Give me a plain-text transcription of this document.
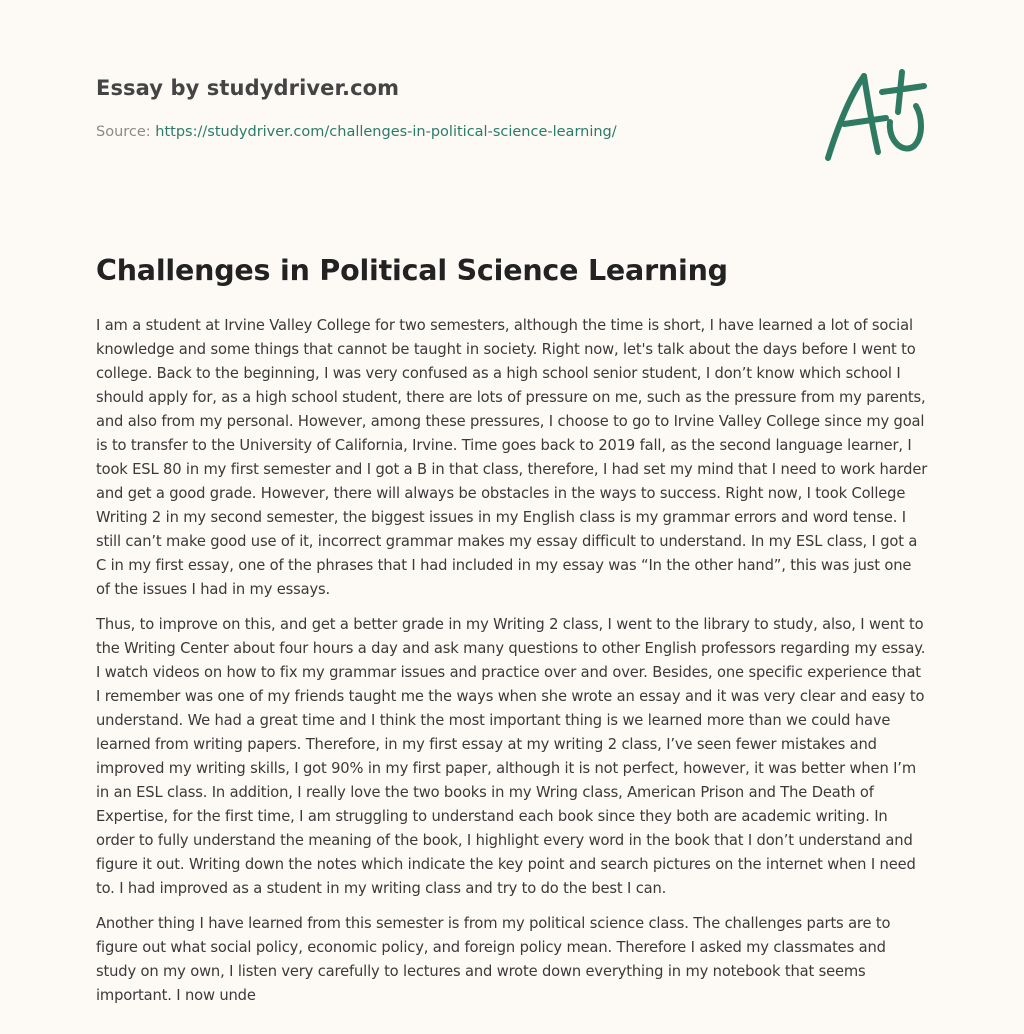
Essay by studydriver.com
Source: https://studydriver.com/challenges-in-political-science-learning/
Challenges in Political Science Learning

I am a student at Irvine Valley College for two semesters, although the time is short, I have learned a lot of social knowledge and some things that cannot be taught in society. Right now, let's talk about the days before I went to college. Back to the beginning, I was very confused as a high school senior student, I don’t know which school I should apply for, as a high school student, there are lots of pressure on me, such as the pressure from my parents, and also from my personal. However, among these pressures, I choose to go to Irvine Valley College since my goal is to transfer to the University of California, Irvine. Time goes back to 2019 fall, as the second language learner, I took ESL 80 in my first semester and I got a B in that class, therefore, I had set my mind that I need to work harder and get a good grade. However, there will always be obstacles in the ways to success. Right now, I took College Writing 2 in my second semester, the biggest issues in my English class is my grammar errors and word tense. I still can’t make good use of it, incorrect grammar makes my essay difficult to understand. In my ESL class, I got a C in my first essay, one of the phrases that I had included in my essay was “In the other hand”, this was just one of the issues I had in my essays.

Thus, to improve on this, and get a better grade in my Writing 2 class, I went to the library to study, also, I went to the Writing Center about four hours a day and ask many questions to other English professors regarding my essay. I watch videos on how to fix my grammar issues and practice over and over. Besides, one specific experience that I remember was one of my friends taught me the ways when she wrote an essay and it was very clear and easy to understand. We had a great time and I think the most important thing is we learned more than we could have learned from writing papers. Therefore, in my first essay at my writing 2 class, I’ve seen fewer mistakes and improved my writing skills, I got 90% in my first paper, although it is not perfect, however, it was better when I’m in an ESL class. In addition, I really love the two books in my Wring class, American Prison and The Death of Expertise, for the first time, I am struggling to understand each book since they both are academic writing. In order to fully understand the meaning of the book, I highlight every word in the book that I don’t understand and figure it out. Writing down the notes which indicate the key point and search pictures on the internet when I need to. I had improved as a student in my writing class and try to do the best I can.

Another thing I have learned from this semester is from my political science class. The challenges parts are to figure out what social policy, economic policy, and foreign policy mean. Therefore I asked my classmates and study on my own, I listen very carefully to lectures and wrote down everything in my notebook that seems important. I now unde
